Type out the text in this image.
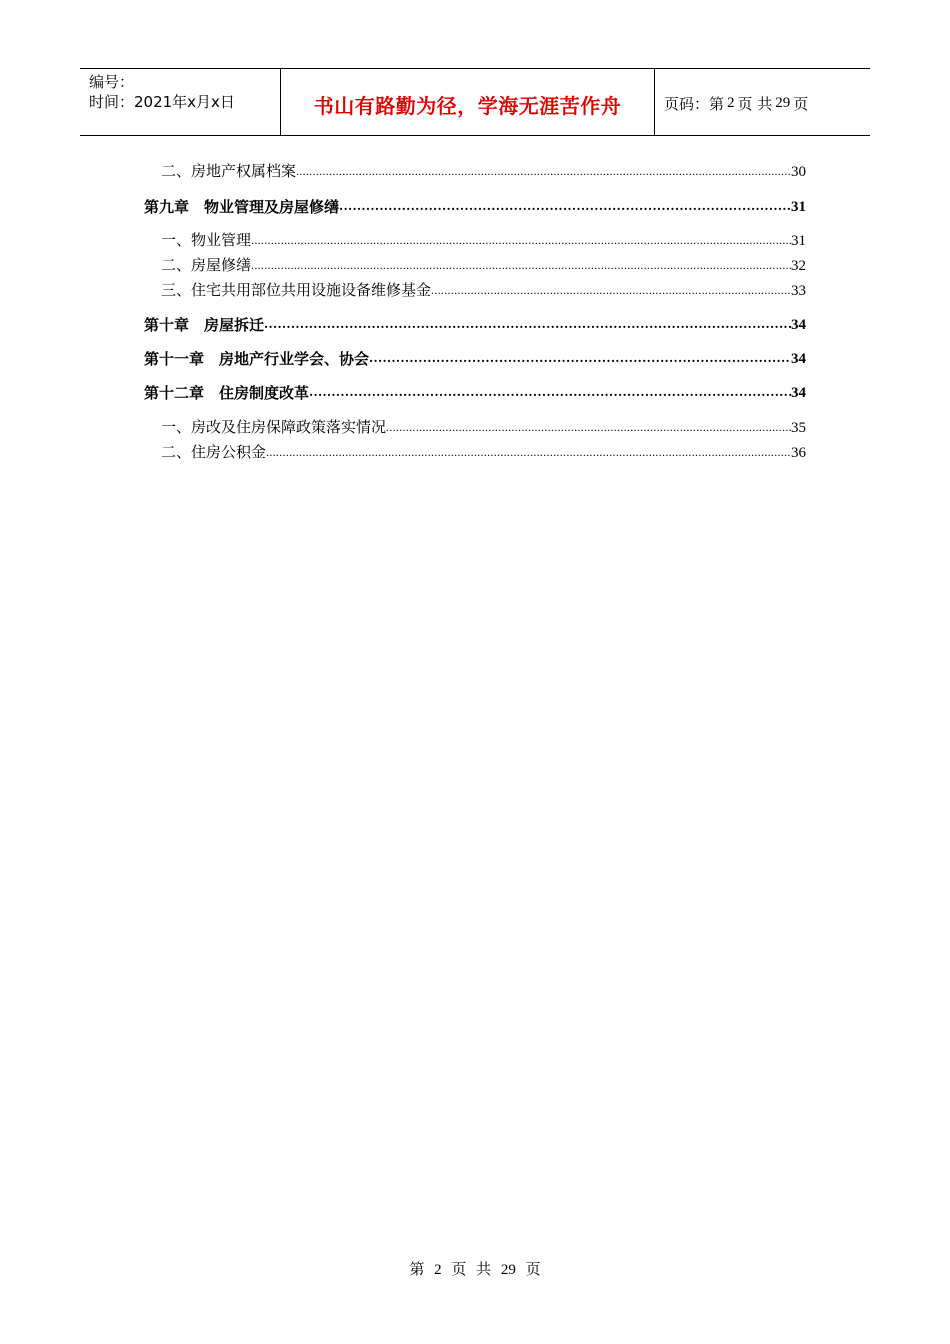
编号：
时间：2021年x月x日	书山有路勤为径，学海无涯苦作舟	页码：第 2 页 共 29 页
二、房地产权属档案 .....	30
第九章　物业管理及房屋修缮 .....	31
一、物业管理 .....	31
二、房屋修缮 .....	32
三、住宅共用部位共用设施设备维修基金 .....	33
第十章　房屋拆迁 .....	34
第十一章　房地产行业学会、协会 .....	34
第十二章　住房制度改革 .....	34
一、房改及住房保障政策落实情况 .....	35
二、住房公积金 .....	36
第 2 页 共 29 页
